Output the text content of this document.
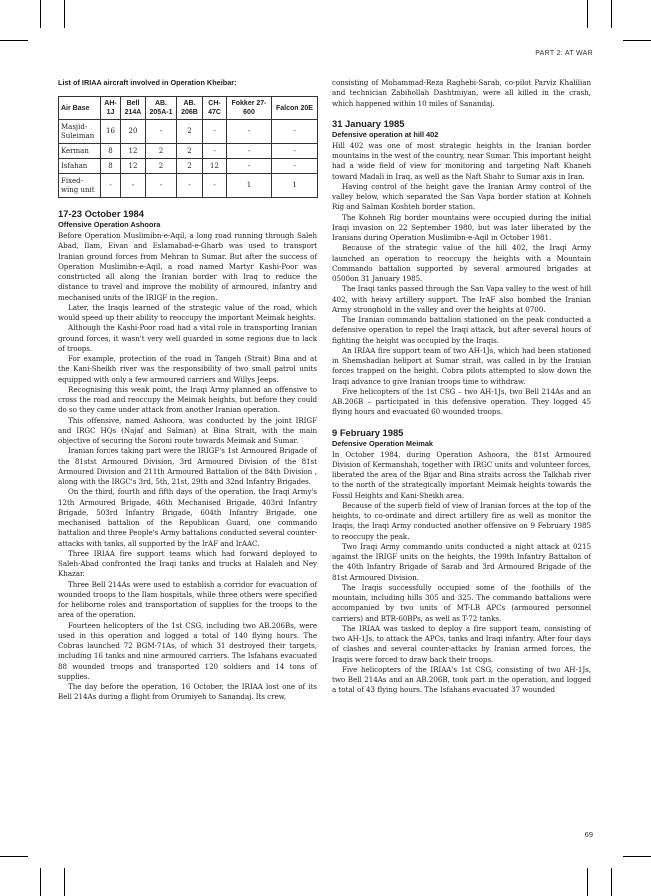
PART 2: AT WAR
List of IRIAA aircraft involved in Operation Kheibar:
Air Base	AH-1J	Bell 214A	AB. 205A-1	AB. 206B	CH-47C	Fokker 27-600	Falcon 20E
Masjid-Suleiman	16	20	-	2	-	-	-
Kerman	8	12	2	2	-	-	-
Isfahan	8	12	2	2	12	-	-
Fixed-wing unit	-	-	-	-	-	1	1
17-23 October 1984
Offensive Operation Ashoora

Before Operation Muslimibn-e-Aqil, a long road running through Saleh Abad, Ilam, Eivan and Eslamabad-e-Gharb was used to transport Iranian ground forces from Mehran to Sumar. But after the success of Operation Muslimibn-e-Aqil, a road named Martyr Kashi-Poor was constructed all along the Iranian border with Iraq to reduce the distance to travel and improve the mobility of armoured, infantry and mechanised units of the IRIGF in the region.

Later, the Iraqis learned of the strategic value of the road, which would speed up their ability to reoccupy the important Meimak heights.

Although the Kashi-Poor road had a vital role in transporting Iranian ground forces, it wasn't very well guarded in some regions due to lack of troops.

For example, protection of the road in Tangeh (Strait) Bina and at the Kani-Sheikh river was the responsibility of two small patrol units equipped with only a few armoured carriers and Willys Jeeps.

Recognising this weak point, the Iraqi Army planned an offensive to cross the road and reoccupy the Meimak heights, but before they could do so they came under attack from another Iranian operation.

This offensive, named Ashoora, was conducted by the joint IRIGF and IRGC HQs (Najaf and Salman) at Bina Strait, with the main objective of securing the Soroni route towards Meimak and Sumar.

Iranian forces taking part were the IRIGF's 1st Armoured Brigade of the 81stst Armoured Division, 3rd Armoured Division of the 81st Armoured Division and 211th Armoured Battalion of the 84th Division , along with the IRGC's 3rd, 5th, 21st, 29th and 32nd Infantry Brigades.

On the third, fourth and fifth days of the operation, the Iraqi Army's 12th Armoured Brigade, 46th Mechanised Brigade, 403rd Infantry Brigade, 503rd Infantry Brigade, 604th Infantry Brigade, one mechanised battalion of the Republican Guard, one commando battalion and three People's Army battalions conducted several counter-attacks with tanks, all supported by the IrAF and IrAAC.

Three IRIAA fire support teams which had forward deployed to Saleh-Abad confronted the Iraqi tanks and trucks at Halaleh and Ney Khazar.

Three Bell 214As were used to establish a corridor for evacuation of wounded troops to the Ilam hospitals, while three others were specified for heliborne roles and transportation of supplies for the troops to the area of the operation.

Fourteen helicopters of the 1st CSG, including two AB.206Bs, were used in this operation and logged a total of 140 flying hours. The Cobras launched 72 BGM-71As, of which 31 destroyed their targets, including 16 tanks and nine armoured carriers. The Isfahans evacuated 88 wounded troops and transported 120 soldiers and 14 tons of supplies.

The day before the operation, 16 October, the IRIAA lost one of its Bell 214As during a flight from Orumiyeh to Sanandaj. Its crew,

consisting of Mohammad-Reza Raghebi-Sarab, co-pilot Parviz Khalilian and technician Zabihollah Dashtmiyan, were all killed in the crash, which happened within 10 miles of Sanandaj.

31 January 1985
Defensive operation at hill 402

Hill 402 was one of most strategic heights in the Iranian border mountains in the west of the country, near Sumar. This important height had a wide field of view for monitoring and targeting Naft Khaneh toward Madali in Iraq, as well as the Naft Shahr to Sumar axis in Iran.

Having control of the height gave the Iranian Army control of the valley below, which separated the San Vapa border station at Kohneh Rig and Salman Koshteh border station.

The Kohneh Rig border mountains were occupied during the initial Iraqi invasion on 22 September 1980, but was later liberated by the Iranians during Operation Muslimibn-e-Aqil in October 1981.

Because of the strategic value of the hill 402, the Iraqi Army launched an operation to reoccupy the heights with a Mountain Commando battalion supported by several armoured brigades at 0500on 31 January 1985.

The Iraqi tanks passed through the San Vapa valley to the west of hill 402, with heavy artillery support. The IrAF also bombed the Iranian Army stronghold in the valley and over the heights at 0700.

The Iranian commando battalion stationed on the peak conducted a defensive operation to repel the Iraqi attack, but after several hours of fighting the height was occupied by the Iraqis.

An IRIAA fire support team of two AH-1Js, which had been stationed in Shemshadian heliport at Sumar strait, was called in by the Iranian forces trapped on the height. Cobra pilots attempted to slow down the Iraqi advance to give Iranian troops time to withdraw.

Five helicopters of the 1st CSG – two AH-1Js, two Bell 214As and an AB.206B – participated in this defensive operation. They logged 45 flying hours and evacuated 60 wounded troops.

9 February 1985
Defensive Operation Meimak

In October 1984, during Operation Ashoora, the 81st Armoured Division of Kermanshah, together with IRGC units and volunteer forces, liberated the area of the Bijar and Bina straits across the Talkhab river to the north of the strategically important Meimak heights towards the Fossil Heights and Kani-Sheikh area.

Because of the superb field of view of Iranian forces at the top of the heights, to co-ordinate and direct artillery fire as well as monitor the Iraqis, the Iraqi Army conducted another offensive on 9 February 1985 to reoccupy the peak.

Two Iraqi Army commando units conducted a night attack at 0215 against the IRIGF units on the heights, the 199th Infantry Battalion of the 40th Infantry Brigade of Sarab and 3rd Armoured Brigade of the 81st Armoured Division.

The Iraqis successfully occupied some of the foothills of the mountain, including hills 305 and 325. The commando battalions were accompanied by two units of MT-LB APCs (armoured personnel carriers) and BTR-60BPs, as well as T-72 tanks.

The IRIAA was tasked to deploy a fire support team, consisting of two AH-1Js, to attack the APCs, tanks and Iraqi infantry. After four days of clashes and several counter-attacks by Iranian armed forces, the Iraqis were forced to draw back their troops.

Five helicopters of the IRIAA's 1st CSG, consisting of two AH-1Js, two Bell 214As and an AB.206B, took part in the operation, and logged a total of 43 flying hours. The Isfahans evacuated 37 wounded

69
